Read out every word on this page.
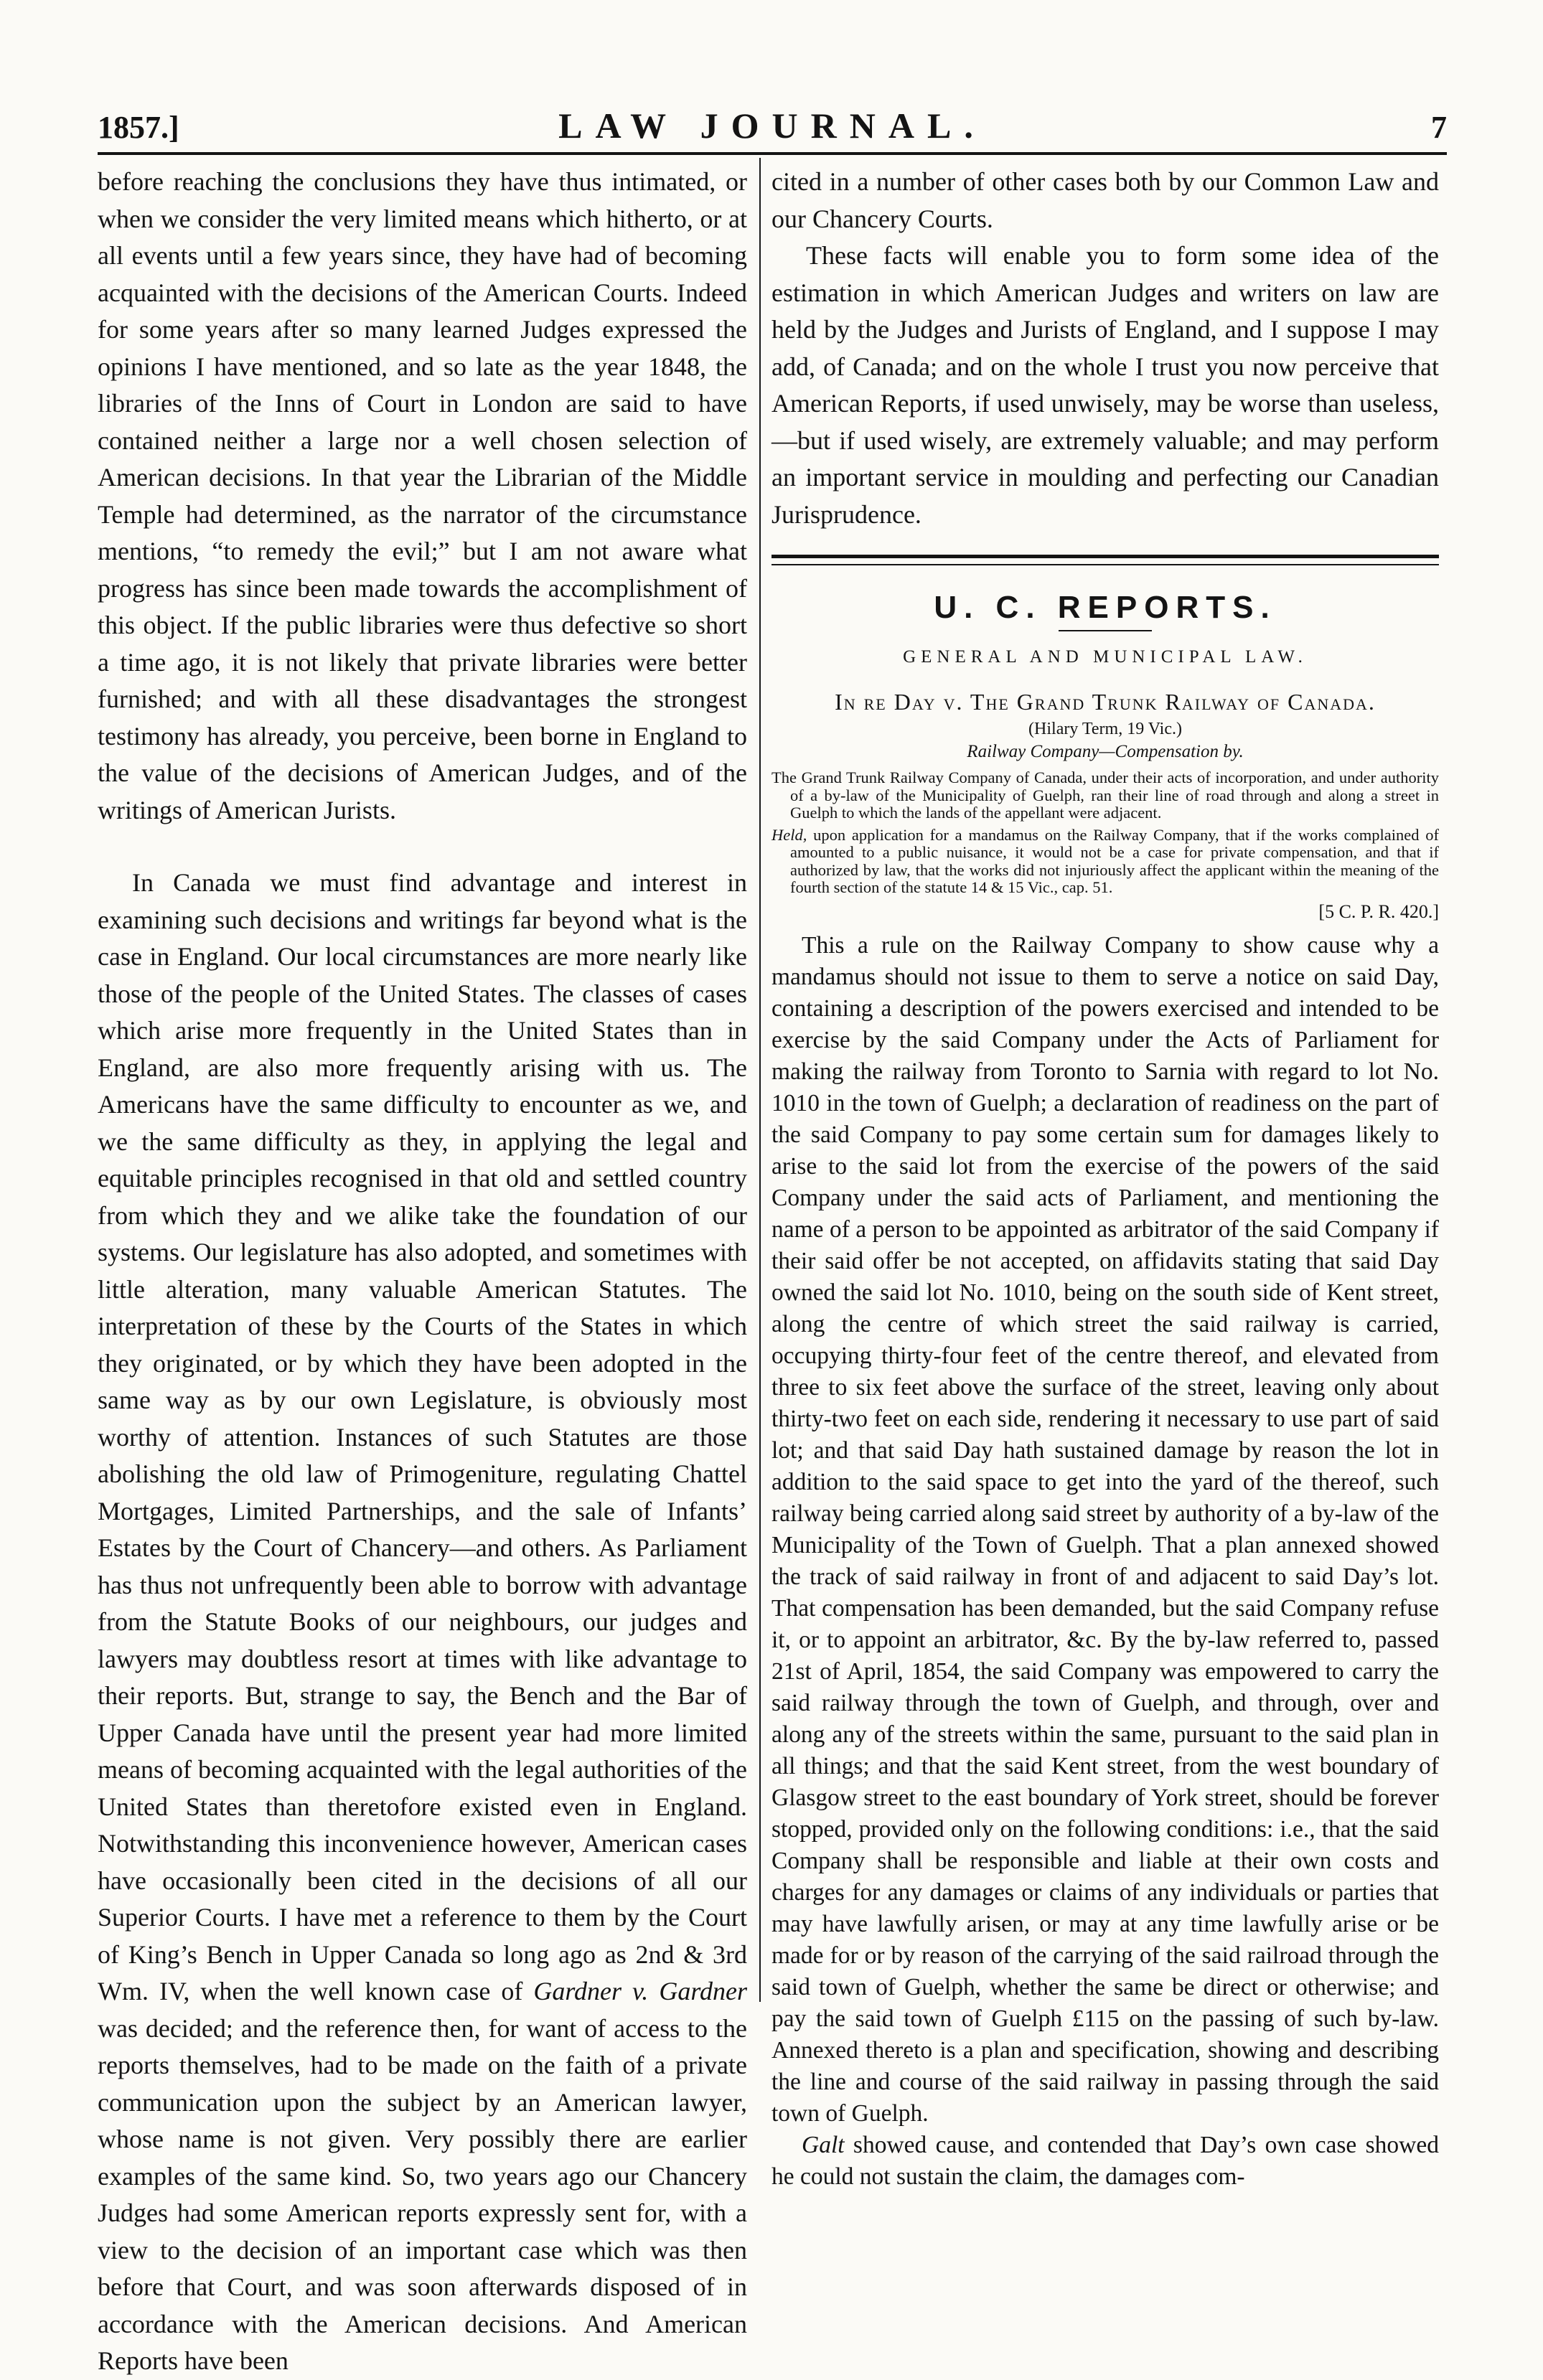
1857.]	LAW JOURNAL.	7

before reaching the conclusions they have thus intimated, or when we consider the very limited means which hitherto, or at all events until a few years since, they have had of becoming acquainted with the decisions of the American Courts. Indeed for some years after so many learned Judges expressed the opinions I have mentioned, and so late as the year 1848, the libraries of the Inns of Court in London are said to have contained neither a large nor a well chosen selection of American decisions. In that year the Librarian of the Middle Temple had determined, as the narrator of the circumstance mentions, “to remedy the evil;” but I am not aware what progress has since been made towards the accomplishment of this object. If the public libraries were thus defective so short a time ago, it is not likely that private libraries were better furnished; and with all these disadvantages the strongest testimony has already, you perceive, been borne in England to the value of the decisions of American Judges, and of the writings of American Jurists.

In Canada we must find advantage and interest in examining such decisions and writings far beyond what is the case in England. Our local circumstances are more nearly like those of the people of the United States. The classes of cases which arise more frequently in the United States than in England, are also more frequently arising with us. The Americans have the same difficulty to encounter as we, and we the same difficulty as they, in applying the legal and equitable principles recognised in that old and settled country from which they and we alike take the foundation of our systems. Our legislature has also adopted, and sometimes with little alteration, many valuable American Statutes. The interpretation of these by the Courts of the States in which they originated, or by which they have been adopted in the same way as by our own Legislature, is obviously most worthy of attention. Instances of such Statutes are those abolishing the old law of Primogeniture, regulating Chattel Mortgages, Limited Partnerships, and the sale of Infants’ Estates by the Court of Chancery—and others. As Parliament has thus not unfrequently been able to borrow with advantage from the Statute Books of our neighbours, our judges and lawyers may doubtless resort at times with like advantage to their reports. But, strange to say, the Bench and the Bar of Upper Canada have until the present year had more limited means of becoming acquainted with the legal authorities of the United States than theretofore existed even in England. Notwithstanding this inconvenience however, American cases have occasionally been cited in the decisions of all our Superior Courts. I have met a reference to them by the Court of King’s Bench in Upper Canada so long ago as 2nd & 3rd Wm. IV, when the well known case of Gardner v. Gardner was decided; and the reference then, for want of access to the reports themselves, had to be made on the faith of a private communication upon the subject by an American lawyer, whose name is not given. Very possibly there are earlier examples of the same kind. So, two years ago our Chancery Judges had some American reports expressly sent for, with a view to the decision of an important case which was then before that Court, and was soon afterwards disposed of in accordance with the American decisions. And American Reports have been

cited in a number of other cases both by our Common Law and our Chancery Courts.

These facts will enable you to form some idea of the estimation in which American Judges and writers on law are held by the Judges and Jurists of England, and I suppose I may add, of Canada; and on the whole I trust you now perceive that American Reports, if used unwisely, may be worse than useless,—but if used wisely, are extremely valuable; and may perform an important service in moulding and perfecting our Canadian Jurisprudence.

U. C. REPORTS.
GENERAL AND MUNICIPAL LAW.
In re Day v. The Grand Trunk Railway of Canada.
(Hilary Term, 19 Vic.)
Railway Company—Compensation by.

The Grand Trunk Railway Company of Canada, under their acts of incorporation, and under authority of a by-law of the Municipality of Guelph, ran their line of road through and along a street in Guelph to which the lands of the appellant were adjacent.

Held, upon application for a mandamus on the Railway Company, that if the works complained of amounted to a public nuisance, it would not be a case for private compensation, and that if authorized by law, that the works did not injuriously affect the applicant within the meaning of the fourth section of the statute 14 & 15 Vic., cap. 51.

[5 C. P. R. 420.]

This a rule on the Railway Company to show cause why a mandamus should not issue to them to serve a notice on said Day, containing a description of the powers exercised and intended to be exercise by the said Company under the Acts of Parliament for making the railway from Toronto to Sarnia with regard to lot No. 1010 in the town of Guelph; a declaration of readiness on the part of the said Company to pay some certain sum for damages likely to arise to the said lot from the exercise of the powers of the said Company under the said acts of Parliament, and mentioning the name of a person to be appointed as arbitrator of the said Company if their said offer be not accepted, on affidavits stating that said Day owned the said lot No. 1010, being on the south side of Kent street, along the centre of which street the said railway is carried, occupying thirty-four feet of the centre thereof, and elevated from three to six feet above the surface of the street, leaving only about thirty-two feet on each side, rendering it necessary to use part of said lot; and that said Day hath sustained damage by reason the lot in addition to the said space to get into the yard of the thereof, such railway being carried along said street by authority of a by-law of the Municipality of the Town of Guelph. That a plan annexed showed the track of said railway in front of and adjacent to said Day’s lot. That compensation has been demanded, but the said Company refuse it, or to appoint an arbitrator, &c. By the by-law referred to, passed 21st of April, 1854, the said Company was empowered to carry the said railway through the town of Guelph, and through, over and along any of the streets within the same, pursuant to the said plan in all things; and that the said Kent street, from the west boundary of Glasgow street to the east boundary of York street, should be forever stopped, provided only on the following conditions: i.e., that the said Company shall be responsible and liable at their own costs and charges for any damages or claims of any individuals or parties that may have lawfully arisen, or may at any time lawfully arise or be made for or by reason of the carrying of the said railroad through the said town of Guelph, whether the same be direct or otherwise; and pay the said town of Guelph £115 on the passing of such by-law. Annexed thereto is a plan and specification, showing and describing the line and course of the said railway in passing through the said town of Guelph.

Galt showed cause, and contended that Day’s own case showed he could not sustain the claim, the damages com-
